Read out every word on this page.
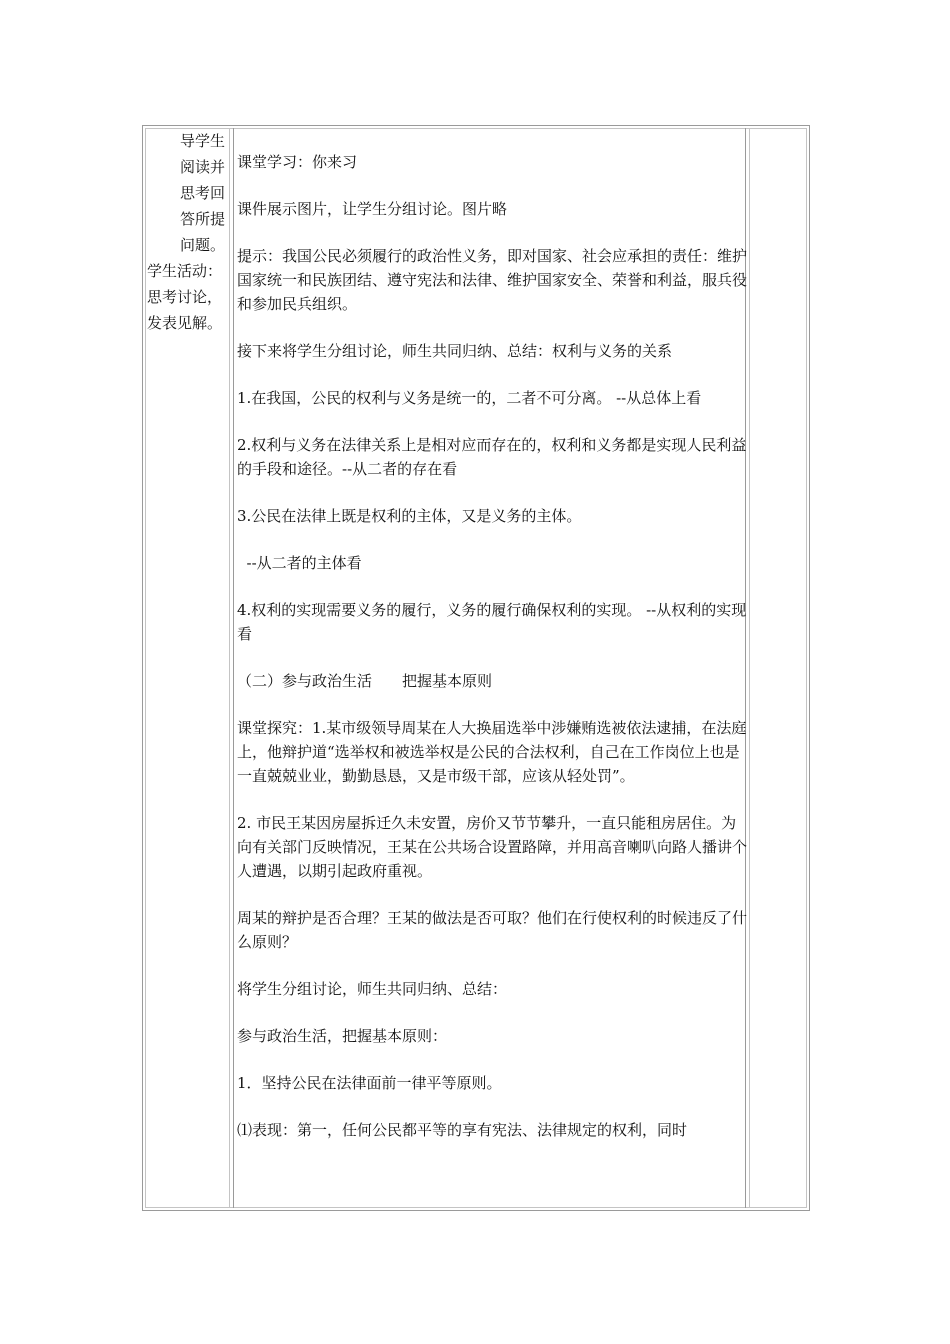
导学生
阅读并
思考回
答所提
问题。
学生活动：
思考讨论，
发表见解。

课堂学习：你来习

课件展示图片，让学生分组讨论。图片略

提示：我国公民必须履行的政治性义务，即对国家、社会应承担的责任：维护国家统一和民族团结、遵守宪法和法律、维护国家安全、荣誉和利益，服兵役和参加民兵组织。

接下来将学生分组讨论，师生共同归纳、总结：权利与义务的关系

1.在我国，公民的权利与义务是统一的，二者不可分离。 --从总体上看

2.权利与义务在法律关系上是相对应而存在的，权利和义务都是实现人民利益的手段和途径。--从二者的存在看

3.公民在法律上既是权利的主体，又是义务的主体。

--从二者的主体看

4.权利的实现需要义务的履行，义务的履行确保权利的实现。 --从权利的实现看

（二）参与政治生活　　把握基本原则

课堂探究：1.某市级领导周某在人大换届选举中涉嫌贿选被依法逮捕，在法庭上，他辩护道“选举权和被选举权是公民的合法权利，自己在工作岗位上也是一直兢兢业业，勤勤恳恳，又是市级干部，应该从轻处罚”。

2. 市民王某因房屋拆迁久未安置，房价又节节攀升，一直只能租房居住。为向有关部门反映情况，王某在公共场合设置路障，并用高音喇叭向路人播讲个人遭遇，以期引起政府重视。

周某的辩护是否合理？王某的做法是否可取？他们在行使权利的时候违反了什么原则？

将学生分组讨论，师生共同归纳、总结：

参与政治生活，把握基本原则：

1．坚持公民在法律面前一律平等原则。

⑴表现：第一，任何公民都平等的享有宪法、法律规定的权利，同时
